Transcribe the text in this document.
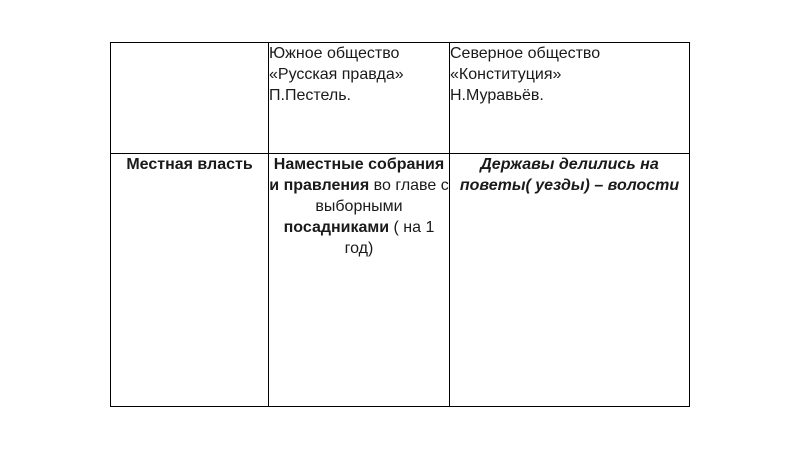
	Южное общество
«Русская правда»
П.Пестель.	Северное общество
«Конституция»
Н.Муравьёв.

Местная власть	Наместные собрания и правления во главе с выборными посадниками ( на 1 год)	Державы делились на поветы( уезды) – волости
